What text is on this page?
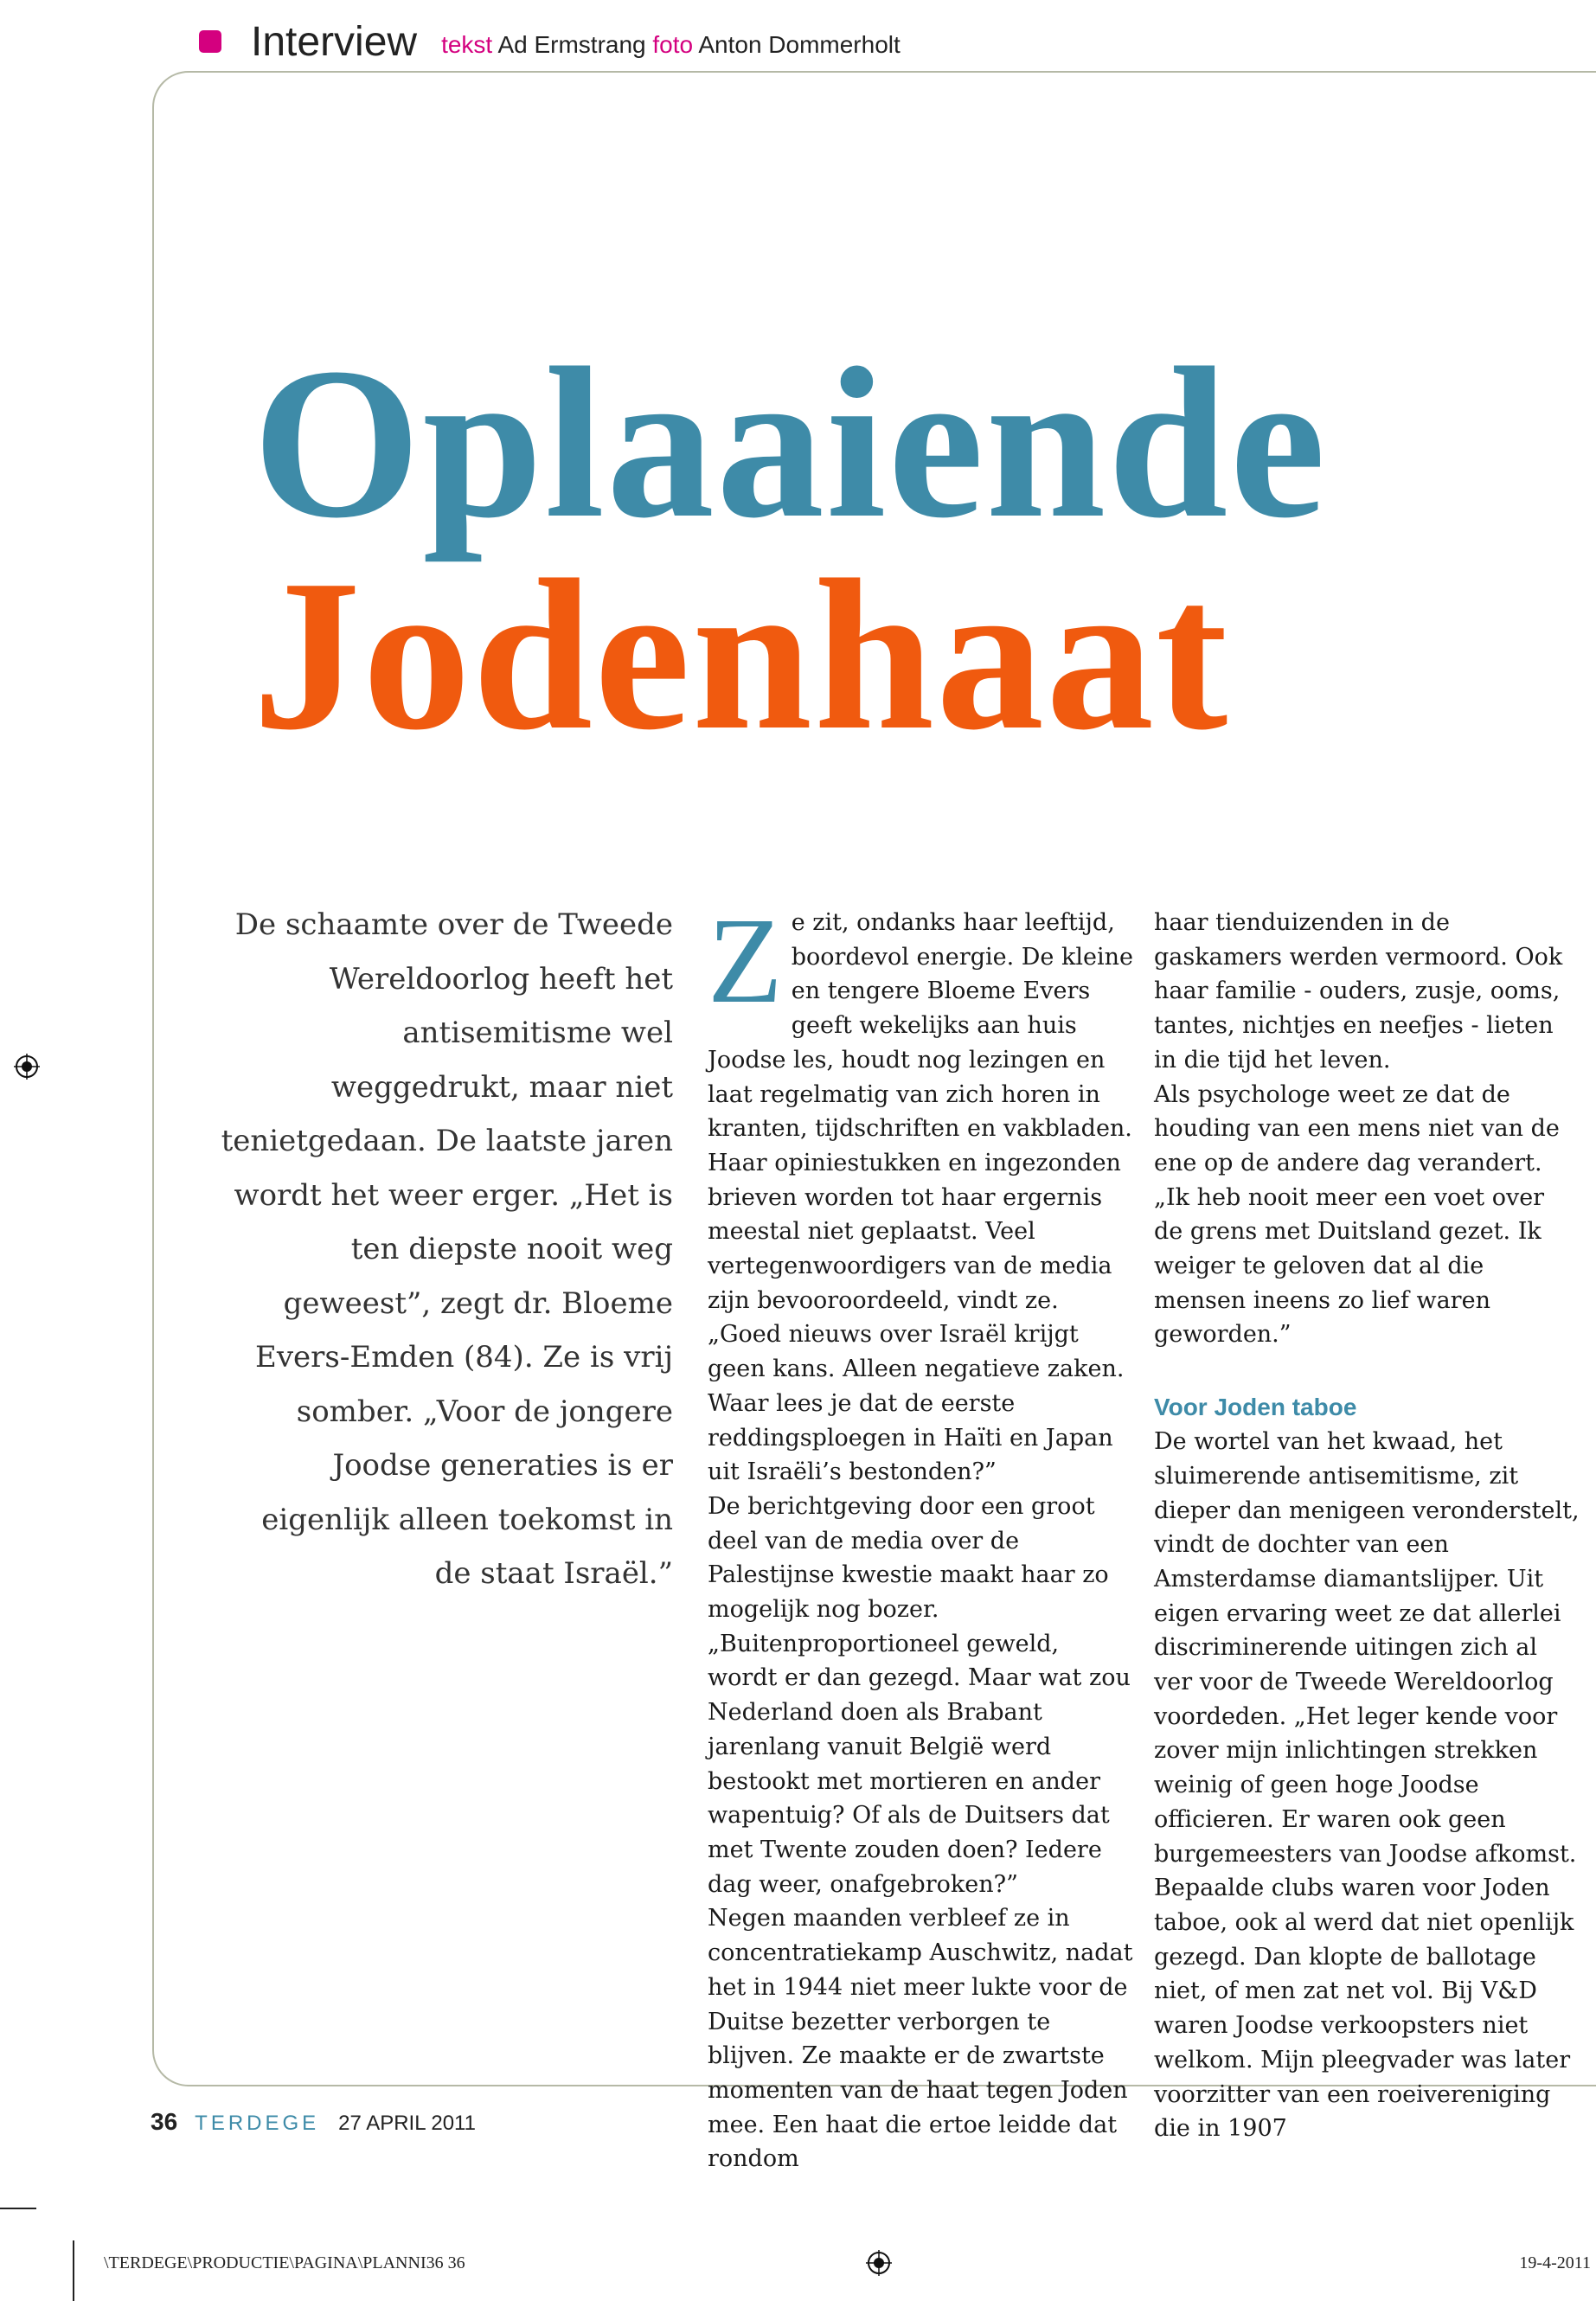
Interview tekst Ad Ermstrang foto Anton Dommerholt
Oplaaiende
Jodenhaat
De schaamte over de Tweede Wereldoorlog heeft het antisemitisme wel weggedrukt, maar niet tenietgedaan. De laatste jaren wordt het weer erger. „Het is ten diepste nooit weg geweest”, zegt dr. Bloeme Evers-Emden (84). Ze is vrij somber. „Voor de jongere Joodse generaties is er eigenlijk alleen toekomst in de staat Israël.”
Z e zit, ondanks haar leeftijd, boordevol energie. De kleine en tengere Bloeme Evers geeft wekelijks aan huis Joodse les, houdt nog lezingen en laat regelmatig van zich horen in kranten, tijdschriften en vakbladen. Haar opiniestukken en ingezonden brieven worden tot haar ergernis meestal niet geplaatst. Veel vertegenwoordigers van de media zijn bevooroordeeld, vindt ze. „Goed nieuws over Israël krijgt geen kans. Alleen negatieve zaken. Waar lees je dat de eerste reddingsploegen in Haïti en Japan uit Israëli’s bestonden?”

De berichtgeving door een groot deel van de media over de Palestijnse kwestie maakt haar zo mogelijk nog bozer. „Buitenproportioneel geweld, wordt er dan gezegd. Maar wat zou Nederland doen als Brabant jarenlang vanuit België werd bestookt met mortieren en ander wapentuig? Of als de Duitsers dat met Twente zouden doen? Iedere dag weer, onafgebroken?”

Negen maanden verbleef ze in concentratiekamp Auschwitz, nadat het in 1944 niet meer lukte voor de Duitse bezetter verborgen te blijven. Ze maakte er de zwartste momenten van de haat tegen Joden mee. Een haat die ertoe leidde dat rondom

haar tienduizenden in de gaskamers werden vermoord. Ook haar familie - ouders, zusje, ooms, tantes, nichtjes en neefjes - lieten in die tijd het leven.

Als psychologe weet ze dat de houding van een mens niet van de ene op de andere dag verandert. „Ik heb nooit meer een voet over de grens met Duitsland gezet. Ik weiger te geloven dat al die mensen ineens zo lief waren geworden.”

Voor Joden taboe

De wortel van het kwaad, het sluimerende antisemitisme, zit dieper dan menigeen veronderstelt, vindt de dochter van een Amsterdamse diamantslijper. Uit eigen ervaring weet ze dat allerlei discriminerende uitingen zich al ver voor de Tweede Wereldoorlog voordeden. „Het leger kende voor zover mijn inlichtingen strekken weinig of geen hoge Joodse officieren. Er waren ook geen burgemeesters van Joodse afkomst. Bepaalde clubs waren voor Joden taboe, ook al werd dat niet openlijk gezegd. Dan klopte de ballotage niet, of men zat net vol. Bij V&D waren Joodse verkoopsters niet welkom. Mijn pleegvader was later voorzitter van een roeivereniging die in 1907

36 TERDEGE 27 APRIL 2011
\TERDEGE\PRODUCTIE\PAGINA\PLANNI36 36	19-4-2011
